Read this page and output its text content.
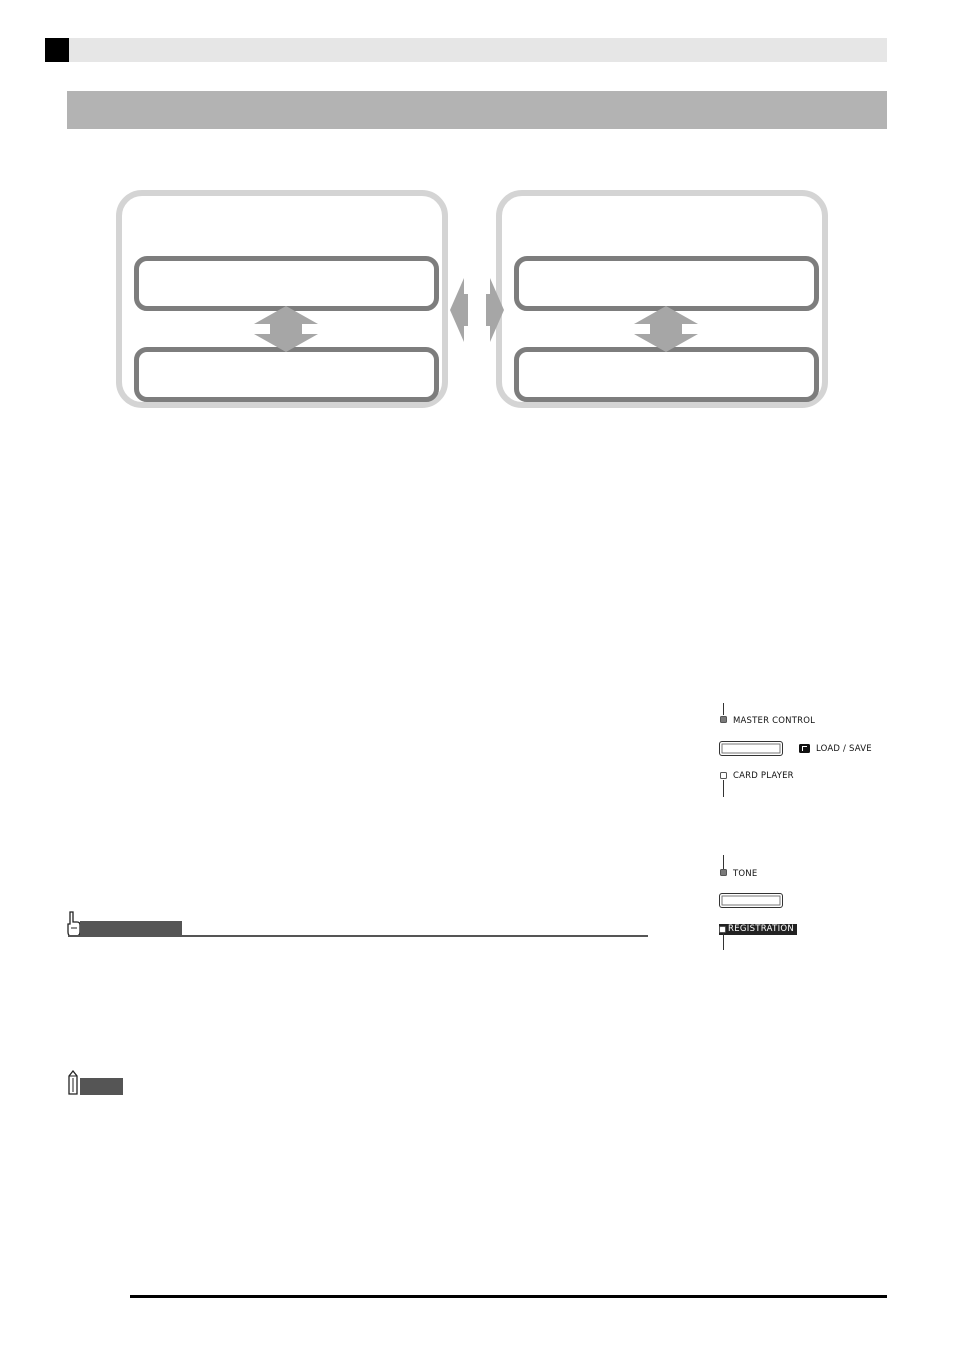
MASTER CONTROL
LOAD / SAVE
CARD PLAYER
TONE
REGISTRATION
